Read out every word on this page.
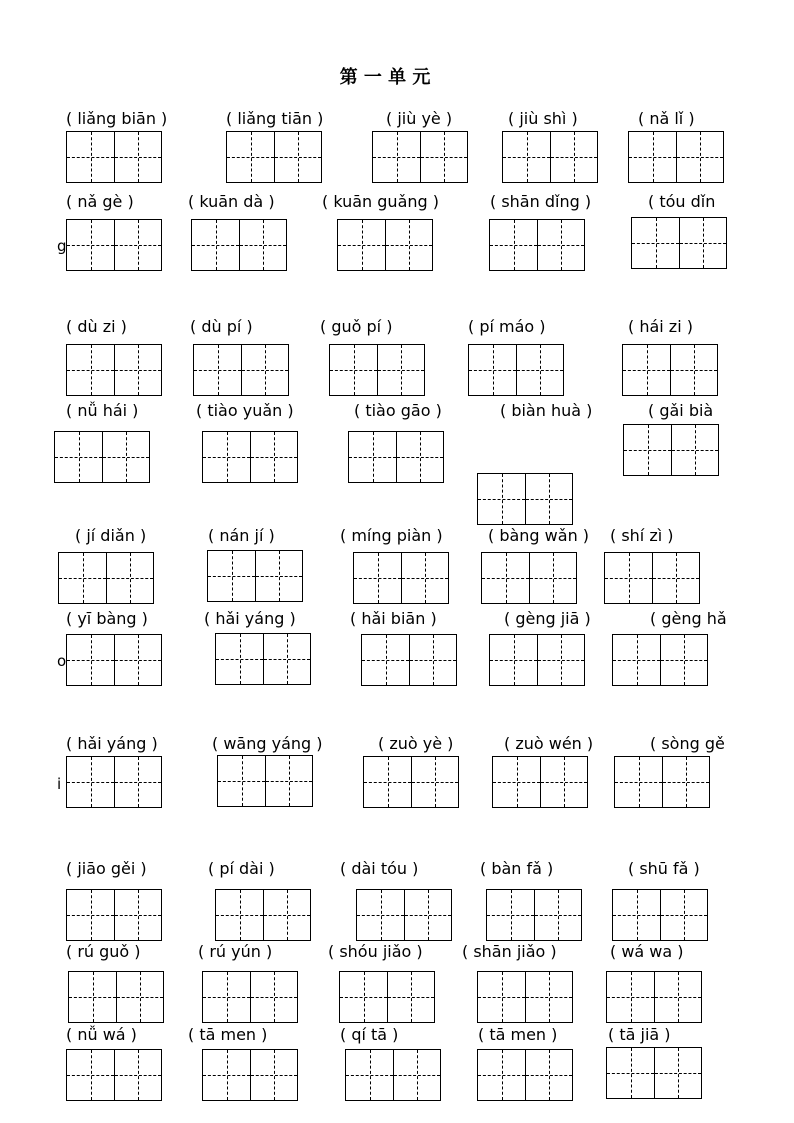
第 一 单 元
( liǎng biān )	( liǎng tiān )	( jiù yè )	( jiù shì )	( nǎ lǐ )
( nǎ gè )	( kuān dà )	( kuān guǎng )	( shān dǐng )	( tóu dǐn
( dù zi )	( dù pí )	( guǒ pí )	( pí máo )	( hái zi )
( nǚ hái )	( tiào yuǎn )	( tiào gāo )	( biàn huà )	( gǎi bià
( jí diǎn )	( nán jí )	( míng piàn )	( bàng wǎn ) ( shí zì )
( yī bàng )	( hǎi yáng )	( hǎi biān )	( gèng jiā )	( gèng hǎ
( hǎi yáng )	( wāng yáng )	( zuò yè )	( zuò wén )	( sòng gě
( jiāo gěi )	( pí dài )	( dài tóu )	( bàn fǎ )	( shū fǎ )
( rú guǒ )	( rú yún )	( shóu jiǎo ) ( shān jiǎo )	( wá wa )
( nǚ wá )	( tā men )	( qí tā )	( tā men )	( tā jiā )
g
o
i
